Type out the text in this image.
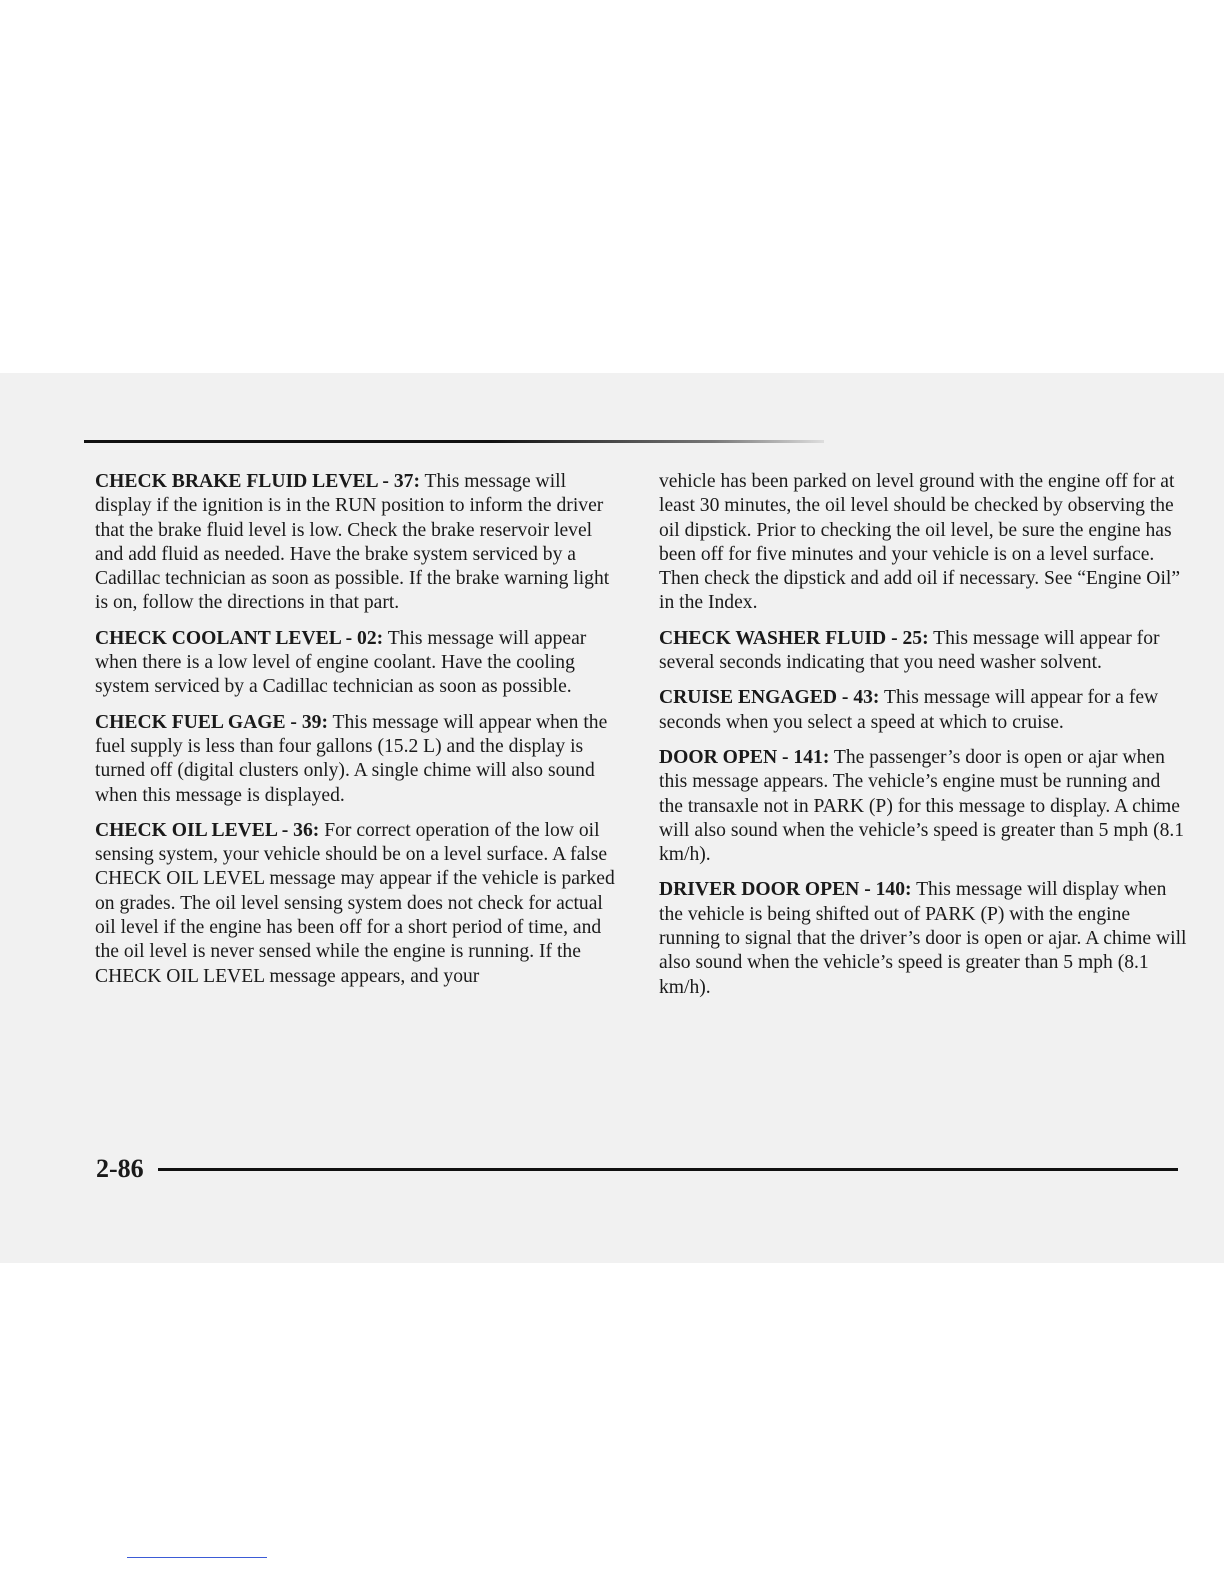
CHECK BRAKE FLUID LEVEL - 37: This message will display if the ignition is in the RUN position to inform the driver that the brake fluid level is low. Check the brake reservoir level and add fluid as needed. Have the brake system serviced by a Cadillac technician as soon as possible. If the brake warning light is on, follow the directions in that part.

CHECK COOLANT LEVEL - 02: This message will appear when there is a low level of engine coolant. Have the cooling system serviced by a Cadillac technician as soon as possible.

CHECK FUEL GAGE - 39: This message will appear when the fuel supply is less than four gallons (15.2 L) and the display is turned off (digital clusters only). A single chime will also sound when this message is displayed.

CHECK OIL LEVEL - 36: For correct operation of the low oil sensing system, your vehicle should be on a level surface. A false CHECK OIL LEVEL message may appear if the vehicle is parked on grades. The oil level sensing system does not check for actual oil level if the engine has been off for a short period of time, and the oil level is never sensed while the engine is running. If the CHECK OIL LEVEL message appears, and your

vehicle has been parked on level ground with the engine off for at least 30 minutes, the oil level should be checked by observing the oil dipstick. Prior to checking the oil level, be sure the engine has been off for five minutes and your vehicle is on a level surface. Then check the dipstick and add oil if necessary. See “Engine Oil” in the Index.

CHECK WASHER FLUID - 25: This message will appear for several seconds indicating that you need washer solvent.

CRUISE ENGAGED - 43: This message will appear for a few seconds when you select a speed at which to cruise.

DOOR OPEN - 141: The passenger’s door is open or ajar when this message appears. The vehicle’s engine must be running and the transaxle not in PARK (P) for this message to display. A chime will also sound when the vehicle’s speed is greater than 5 mph (8.1 km/h).

DRIVER DOOR OPEN - 140: This message will display when the vehicle is being shifted out of PARK (P) with the engine running to signal that the driver’s door is open or ajar. A chime will also sound when the vehicle’s speed is greater than 5 mph (8.1 km/h).

2-86
